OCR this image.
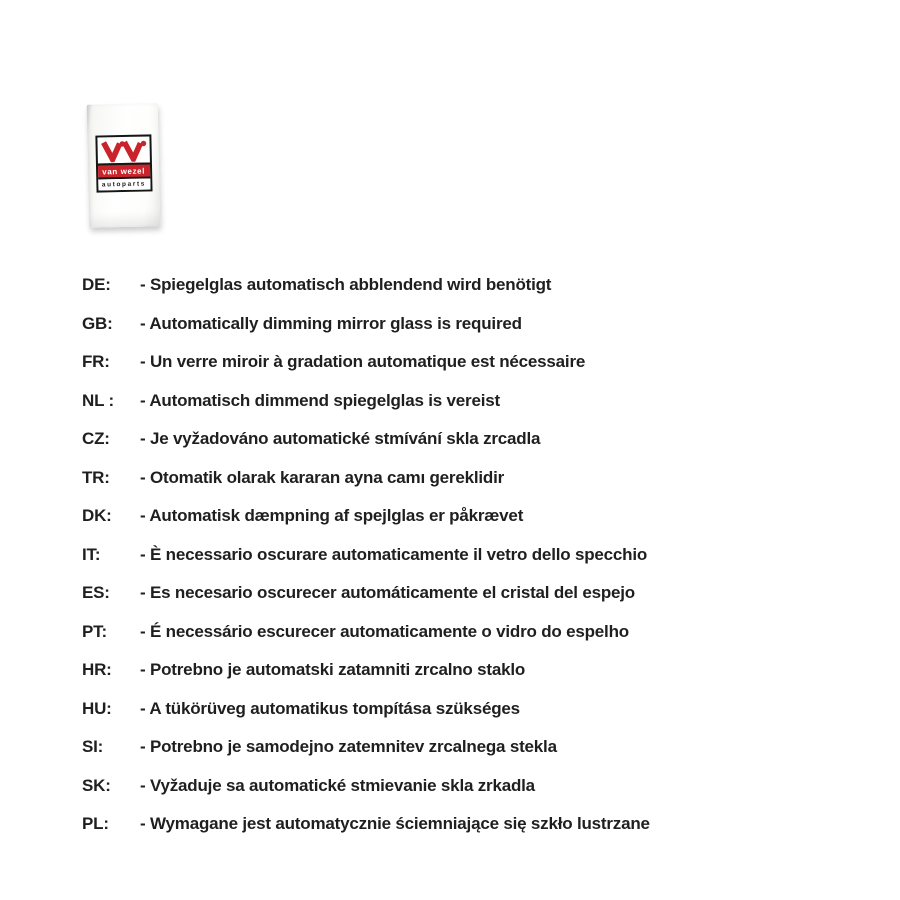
van wezel
autoparts
DE:	- Spiegelglas automatisch abblendend wird benötigt
GB:	- Automatically dimming mirror glass is required
FR:	- Un verre miroir à gradation automatique est nécessaire
NL :	- Automatisch dimmend spiegelglas is vereist
CZ:	- Je vyžadováno automatické stmívání skla zrcadla
TR:	- Otomatik olarak kararan ayna camı gereklidir
DK:	- Automatisk dæmpning af spejlglas er påkrævet
IT:	- È necessario oscurare automaticamente il vetro dello specchio
ES:	- Es necesario oscurecer automáticamente el cristal del espejo
PT:	- É necessário escurecer automaticamente o vidro do espelho
HR:	- Potrebno je automatski zatamniti zrcalno staklo
HU:	- A tükörüveg automatikus tompítása szükséges
SI:	- Potrebno je samodejno zatemnitev zrcalnega stekla
SK:	- Vyžaduje sa automatické stmievanie skla zrkadla
PL:	- Wymagane jest automatycznie ściemniające się szkło lustrzane
